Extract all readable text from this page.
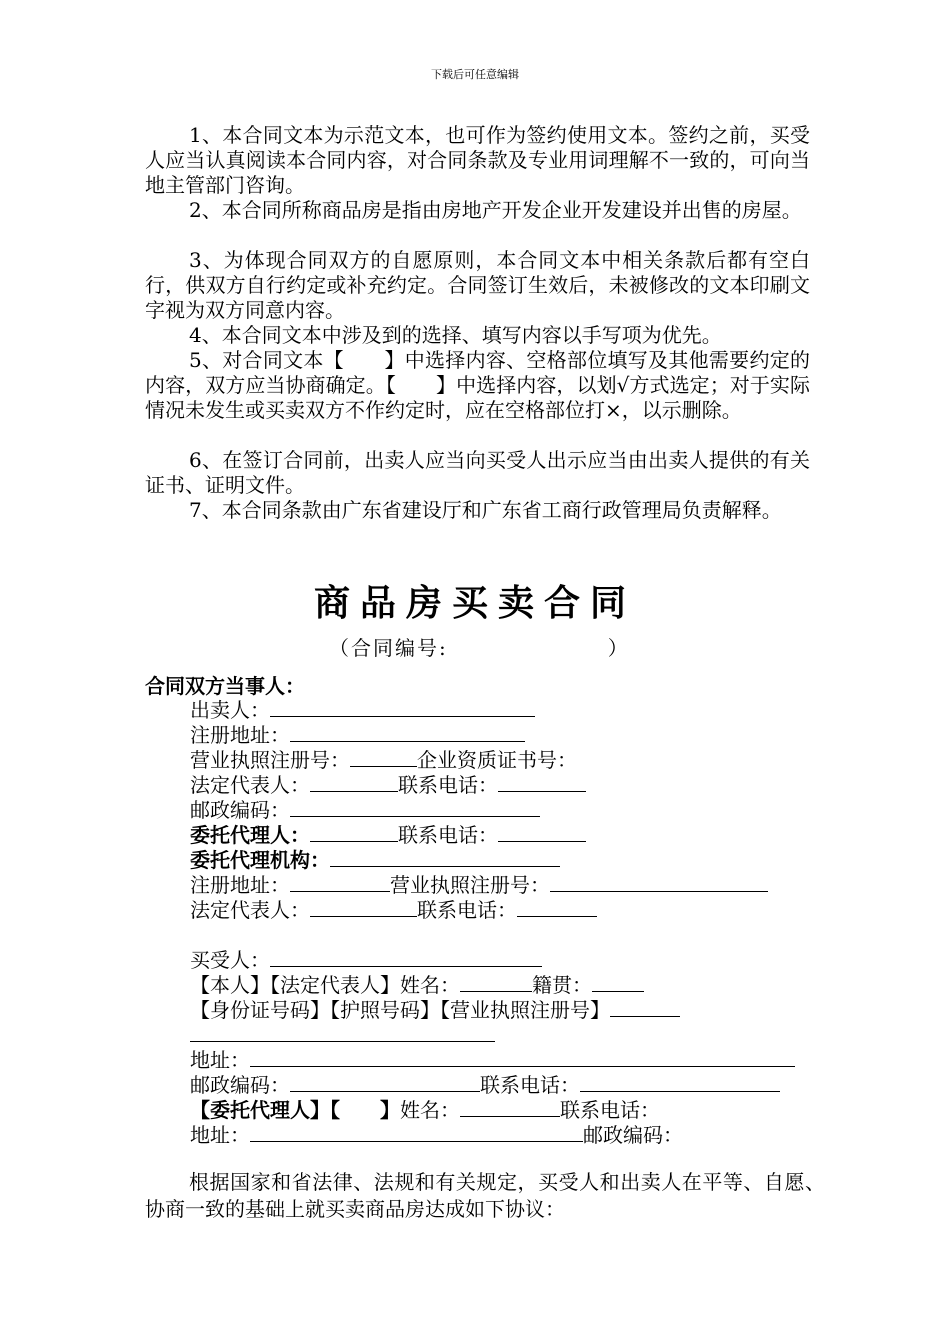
下载后可任意编辑
1、本合同文本为示范文本，也可作为签约使用文本。签约之前，买受人应当认真阅读本合同内容，对合同条款及专业用词理解不一致的，可向当地主管部门咨询。
2、本合同所称商品房是指由房地产开发企业开发建设并出售的房屋。
3、为体现合同双方的自愿原则，本合同文本中相关条款后都有空白行，供双方自行约定或补充约定。合同签订生效后，未被修改的文本印刷文字视为双方同意内容。
4、本合同文本中涉及到的选择、填写内容以手写项为优先。
5、对合同文本【　　】中选择内容、空格部位填写及其他需要约定的内容，双方应当协商确定。【　　】中选择内容，以划√方式选定；对于实际情况未发生或买卖双方不作约定时，应在空格部位打×，以示删除。
6、在签订合同前，出卖人应当向买受人出示应当由出卖人提供的有关证书、证明文件。
7、本合同条款由广东省建设厅和广东省工商行政管理局负责解释。
商品房买卖合同
（合同编号:	）
合同双方当事人：
出卖人：
注册地址：
营业执照注册号：	企业资质证书号：
法定代表人：	联系电话：
邮政编码：
委托代理人：	联系电话：
委托代理机构：
注册地址：	营业执照注册号：
法定代表人：	联系电话：
买受人：
【本人】【法定代表人】姓名：	籍贯：
【身份证号码】【护照号码】【营业执照注册号】
地址：
邮政编码：	联系电话：
【委托代理人】【　　】姓名：	联系电话：
地址：	邮政编码：
根据国家和省法律、法规和有关规定，买受人和出卖人在平等、自愿、协商一致的基础上就买卖商品房达成如下协议：
